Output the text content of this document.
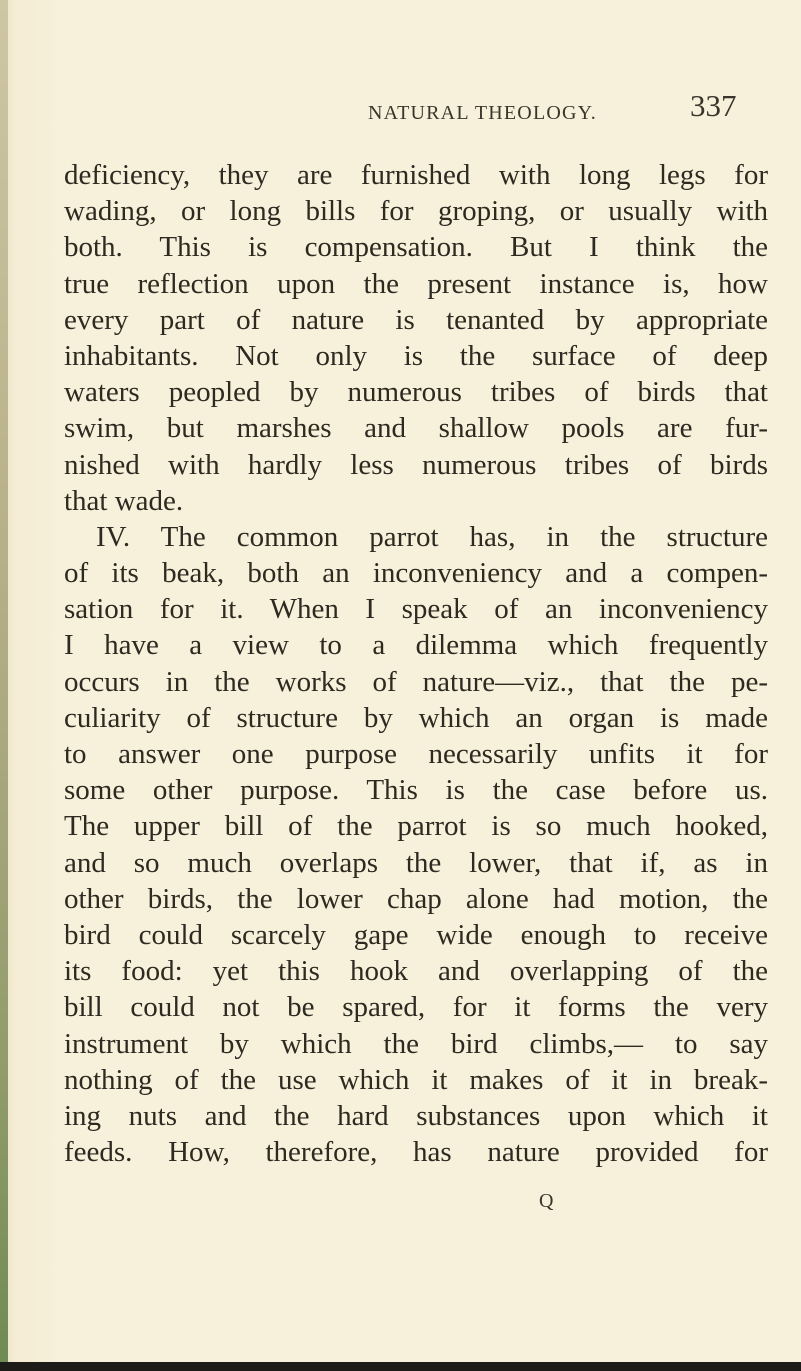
NATURAL THEOLOGY.	337
deficiency, they are furnished with long legs for
wading, or long bills for groping, or usually with
both. This is compensation. But I think the
true reflection upon the present instance is, how
every part of nature is tenanted by appropriate
inhabitants. Not only is the surface of deep
waters peopled by numerous tribes of birds that
swim, but marshes and shallow pools are fur-
nished with hardly less numerous tribes of birds
that wade.
IV. The common parrot has, in the structure
of its beak, both an inconveniency and a compen-
sation for it. When I speak of an inconveniency
I have a view to a dilemma which frequently
occurs in the works of nature—viz., that the pe-
culiarity of structure by which an organ is made
to answer one purpose necessarily unfits it for
some other purpose. This is the case before us.
The upper bill of the parrot is so much hooked,
and so much overlaps the lower, that if, as in
other birds, the lower chap alone had motion, the
bird could scarcely gape wide enough to receive
its food: yet this hook and overlapping of the
bill could not be spared, for it forms the very
instrument by which the bird climbs,— to say
nothing of the use which it makes of it in break-
ing nuts and the hard substances upon which it
feeds. How, therefore, has nature provided for
Q
